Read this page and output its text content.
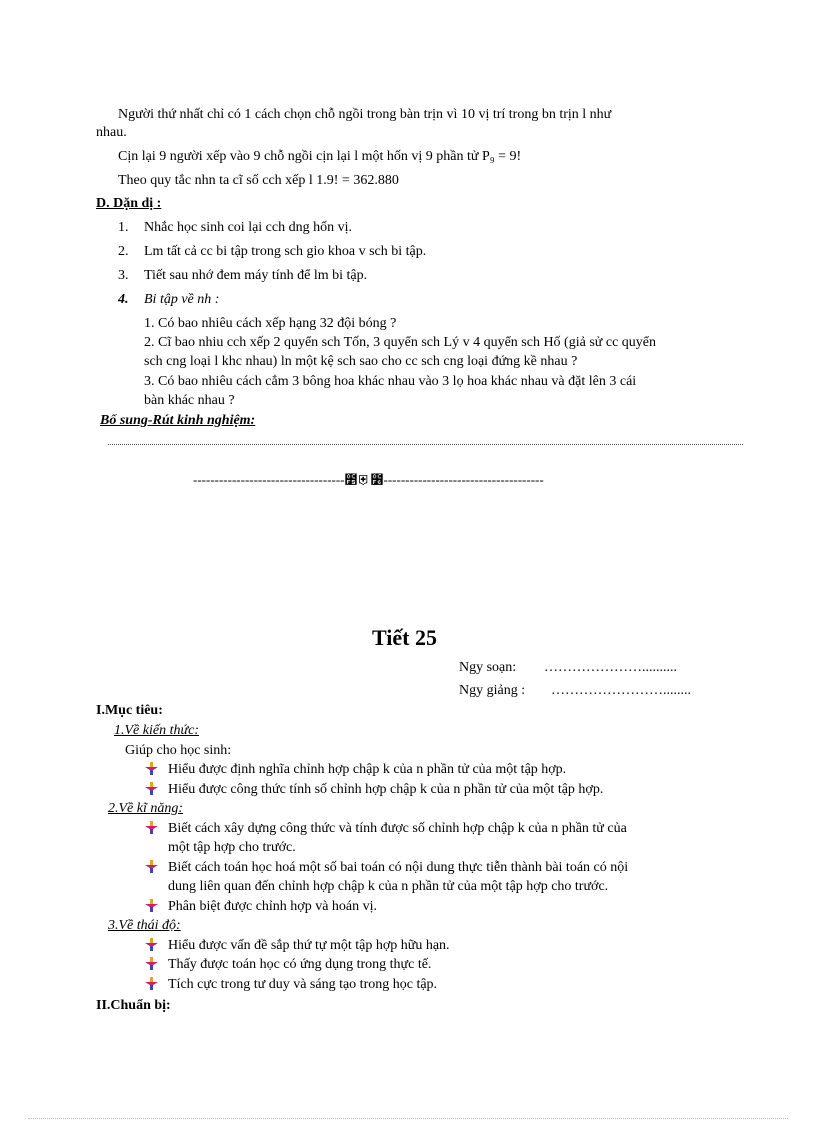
Người thứ nhất chỉ có 1 cách chọn chỗ ngồi trong bàn trịn vì 10 vị trí trong bn trịn l như
nhau.
Cịn lại 9 người xếp vào 9 chỗ ngồi cịn lại l một hốn vị 9 phần tử P₉ = 9!
Theo quy tắc nhn ta cĩ số cch xếp l 1.9! = 362.880
D. Dặn dị :
1. Nhắc học sinh coi lại cch dng hốn vị.
2. Lm tất cả cc bi tập trong sch gio khoa v sch bi tập.
3. Tiết sau nhớ đem máy tính để lm bi tập.
4. Bi tập về nh :
1. Có bao nhiêu cách xếp hạng 32 đội bóng ?
2. Cĩ bao nhiu cch xếp 2 quyển sch Tốn, 3 quyển sch Lý v 4 quyển sch Hố (giả sử cc quyển
sch cng loại l khc nhau) ln một kệ sch sao cho cc sch cng loại đứng kề nhau ?
3. Có bao nhiêu cách cắm 3 bông hoa khác nhau vào 3 lọ hoa khác nhau và đặt lên 3 cái
bàn khác nhau ?
Bổ sung-Rút kinh nghiệm:
-----------------------------------೵⛨೶-------------------------------------
Tiết 25
Ngy soạn: …………………..........
Ngy giảng : ……………………........
I.Mục tiêu:
1.Về kiến thức:
Giúp cho học sinh:
Hiểu được định nghĩa chỉnh hợp chập k của n phần tử của một tập hợp.
Hiểu được công thức tính số chỉnh hợp chập k của n phần tử của một tập hợp.
2.Về kĩ năng:
Biết cách xây dựng công thức và tính được số chỉnh hợp chập k của n phần tử của
một tập hợp cho trước.
Biết cách toán học hoá một số bai toán có nội dung thực tiễn thành bài toán có nội
dung liên quan đến chỉnh hợp chập k của n phần tử của một tập hợp cho trước.
Phân biệt được chỉnh hợp và hoán vị.
3.Về thái độ:
Hiểu được vấn đề sắp thứ tự một tập hợp hữu hạn.
Thấy được toán học có ứng dụng trong thực tế.
Tích cực trong tư duy và sáng tạo trong học tập.
II.Chuẩn bị:
